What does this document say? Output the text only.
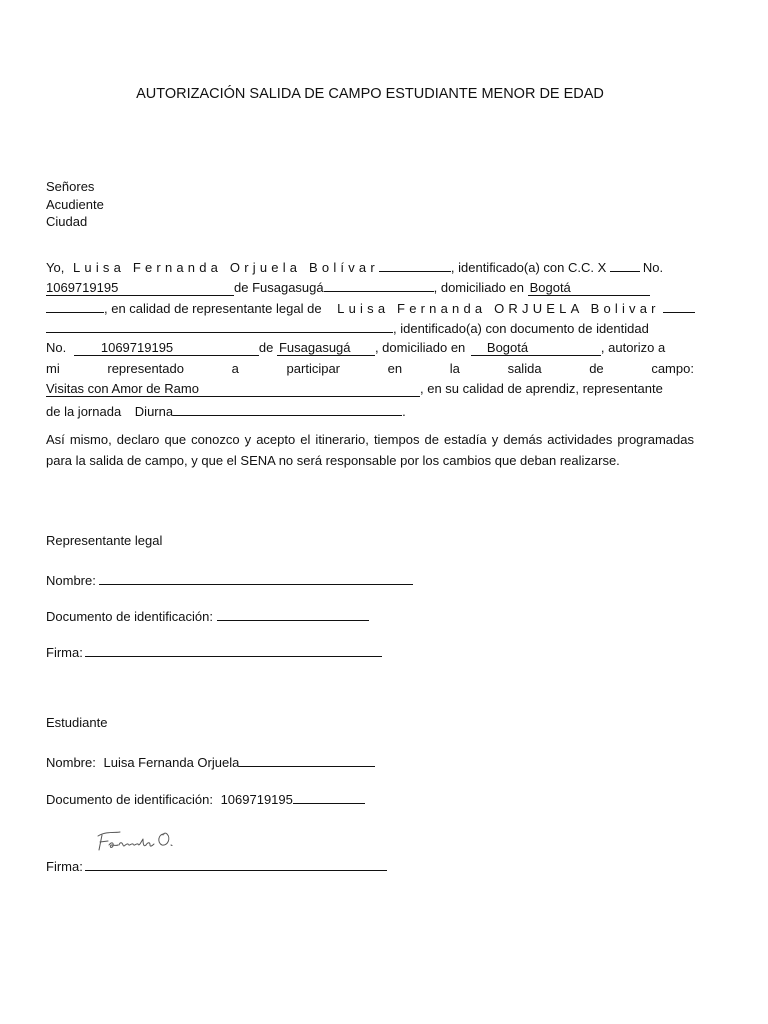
AUTORIZACIÓN SALIDA DE CAMPO ESTUDIANTE MENOR DE EDAD
Señores
Acudiente
Ciudad
Yo, Luisa Fernanda Orjuela Bolívar	, identificado(a) con C.C. X	No.
1069719195	de Fusagasugá	, domiciliado en Bogotá
, en calidad de representante legal de Luisa Fernanda ORJUELA Bolivar
, identificado(a) con documento de identidad
No.	1069719195	de Fusagasugá , domiciliado en Bogotá	, autorizo a
mi	representado	a	participar	en	la	salida	de	campo:
Visitas con Amor de Ramo	, en su calidad de aprendiz, representante
de la jornada Diurna	.
Así mismo, declaro que conozco y acepto el itinerario, tiempos de estadía y demás actividades programadas para la salida de campo, y que el SENA no será responsable por los cambios que deban realizarse.
Representante legal
Nombre:
Documento de identificación:
Firma:
Estudiante
Nombre: Luisa Fernanda Orjuela
Documento de identificación: 1069719195
Firma:
